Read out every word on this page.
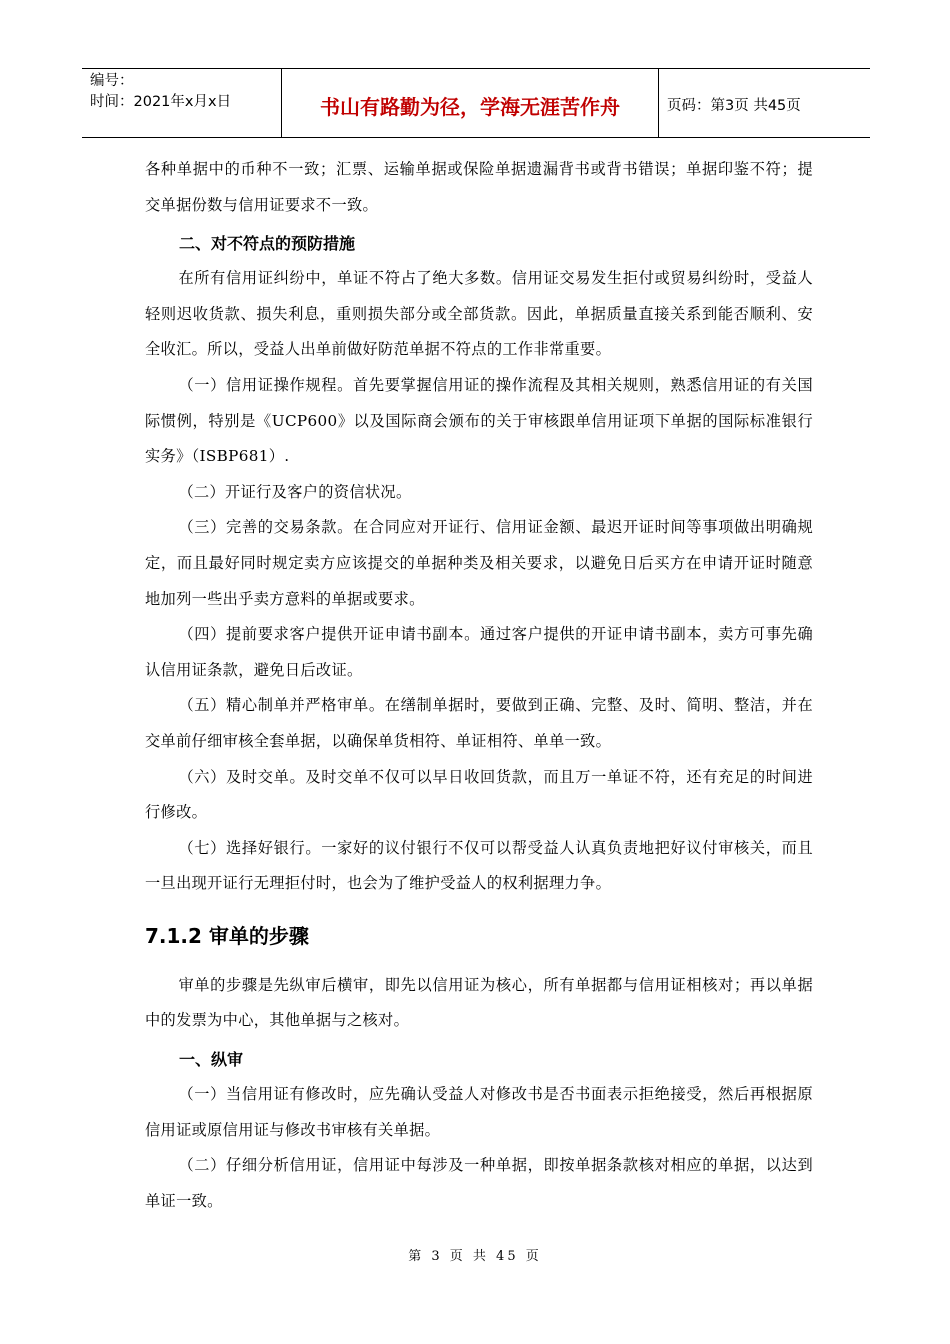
编号：
时间：2021年x月x日	书山有路勤为径，学海无涯苦作舟	页码：第3页 共45页

各种单据中的币种不一致；汇票、运输单据或保险单据遗漏背书或背书错误；单据印鉴不符；提交单据份数与信用证要求不一致。

二、对不符点的预防措施

在所有信用证纠纷中，单证不符占了绝大多数。信用证交易发生拒付或贸易纠纷时，受益人轻则迟收货款、损失利息，重则损失部分或全部货款。因此，单据质量直接关系到能否顺利、安全收汇。所以，受益人出单前做好防范单据不符点的工作非常重要。

（一）信用证操作规程。首先要掌握信用证的操作流程及其相关规则，熟悉信用证的有关国际惯例，特别是《UCP600》以及国际商会颁布的关于审核跟单信用证项下单据的国际标准银行实务》（ISBP681）.

（二）开证行及客户的资信状况。

（三）完善的交易条款。在合同应对开证行、信用证金额、最迟开证时间等事项做出明确规定，而且最好同时规定卖方应该提交的单据种类及相关要求，以避免日后买方在申请开证时随意地加列一些出乎卖方意料的单据或要求。

（四）提前要求客户提供开证申请书副本。通过客户提供的开证申请书副本，卖方可事先确认信用证条款，避免日后改证。

（五）精心制单并严格审单。在缮制单据时，要做到正确、完整、及时、简明、整洁，并在交单前仔细审核全套单据，以确保单货相符、单证相符、单单一致。

（六）及时交单。及时交单不仅可以早日收回货款，而且万一单证不符，还有充足的时间进行修改。

（七）选择好银行。一家好的议付银行不仅可以帮受益人认真负责地把好议付审核关，而且一旦出现开证行无理拒付时，也会为了维护受益人的权利据理力争。

7.1.2 审单的步骤

审单的步骤是先纵审后横审，即先以信用证为核心，所有单据都与信用证相核对；再以单据中的发票为中心，其他单据与之核对。

一、纵审

（一）当信用证有修改时，应先确认受益人对修改书是否书面表示拒绝接受，然后再根据原信用证或原信用证与修改书审核有关单据。

（二）仔细分析信用证，信用证中每涉及一种单据，即按单据条款核对相应的单据，以达到单证一致。

第 3 页 共 45 页
